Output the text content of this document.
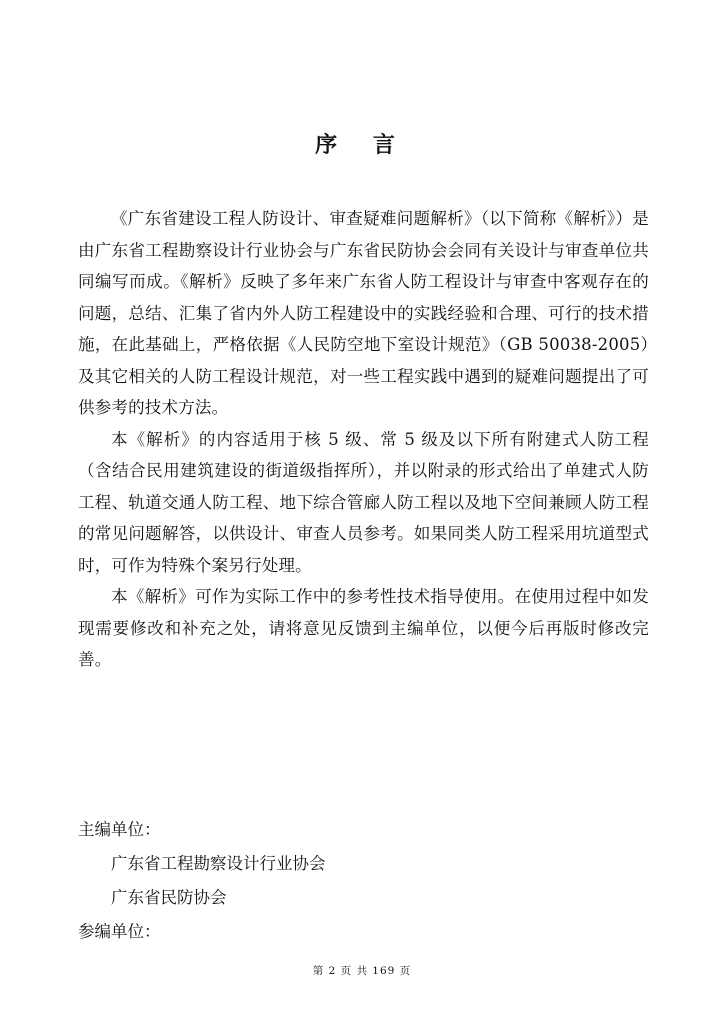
序 言

《广东省建设工程人防设计、审查疑难问题解析》（以下简称《解析》）是由广东省工程勘察设计行业协会与广东省民防协会会同有关设计与审查单位共同编写而成。《解析》反映了多年来广东省人防工程设计与审查中客观存在的问题，总结、汇集了省内外人防工程建设中的实践经验和合理、可行的技术措施，在此基础上，严格依据《人民防空地下室设计规范》（GB 50038-2005）及其它相关的人防工程设计规范，对一些工程实践中遇到的疑难问题提出了可供参考的技术方法。

本《解析》的内容适用于核 5 级、常 5 级及以下所有附建式人防工程（含结合民用建筑建设的街道级指挥所），并以附录的形式给出了单建式人防工程、轨道交通人防工程、地下综合管廊人防工程以及地下空间兼顾人防工程的常见问题解答，以供设计、审查人员参考。如果同类人防工程采用坑道型式时，可作为特殊个案另行处理。

本《解析》可作为实际工作中的参考性技术指导使用。在使用过程中如发现需要修改和补充之处，请将意见反馈到主编单位，以便今后再版时修改完善。

主编单位：
广东省工程勘察设计行业协会
广东省民防协会
参编单位：
第 2 页 共 169 页
